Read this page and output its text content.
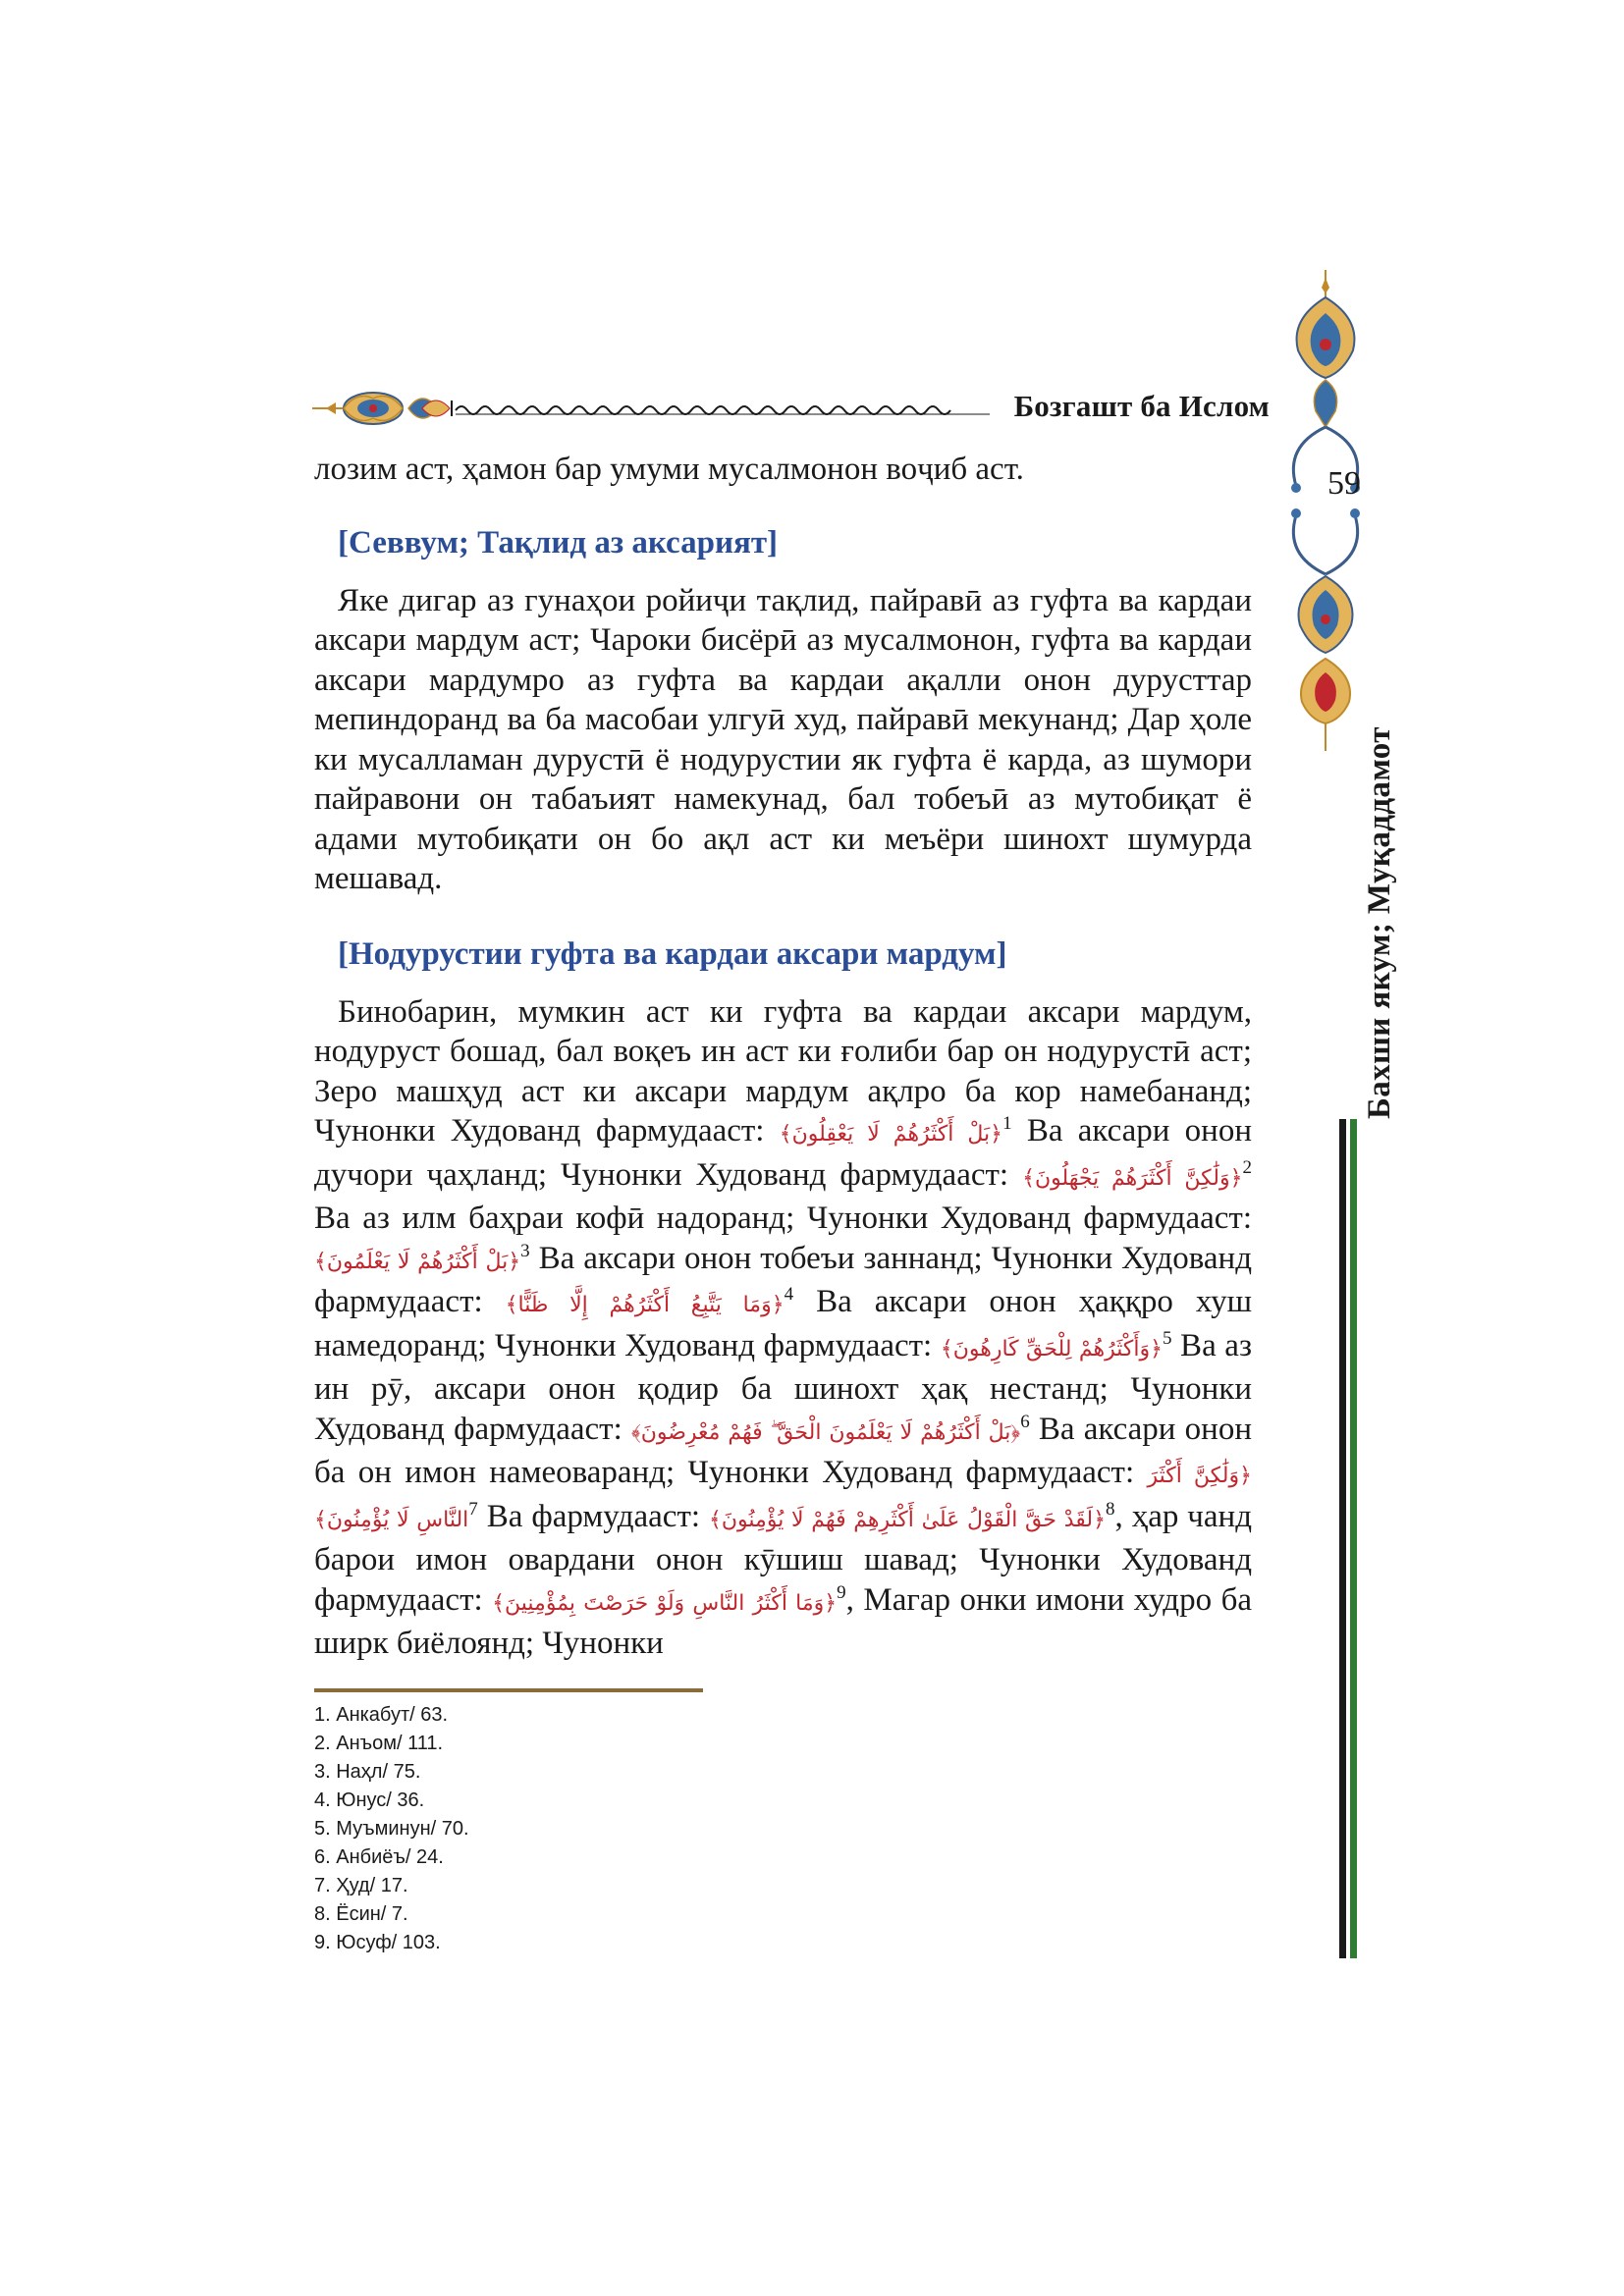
Бозгашт ба Ислом
59
Бахши якум; Муқаддамот

лозим аст, ҳамон бар умуми мусалмонон воҷиб аст.

[Севвум; Тақлид аз аксарият]

Яке дигар аз гунаҳои ройиҷи тақлид, пайравӣ аз гуфта ва кардаи аксари мардум аст; Чароки бисёрӣ аз мусалмонон, гуфта ва кардаи аксари мардумро аз гуфта ва кардаи ақалли онон дурусттар мепиндоранд ва ба масобаи улгуӣ худ, пайравӣ мекунанд; Дар ҳоле ки мусалламан дурустӣ ё нодурустии як гуфта ё карда, аз шумори пайравони он табаъият намекунад, бал тобеъӣ аз мутобиқат ё адами мутобиқати он бо ақл аст ки меъёри шинохт шумурда мешавад.

[Нодурустии гуфта ва кардаи аксари мардум]

Бинобарин, мумкин аст ки гуфта ва кардаи аксари мардум, нодуруст бошад, бал воқеъ ин аст ки ғолиби бар он нодурустӣ аст; Зеро машҳуд аст ки аксари мардум ақлро ба кор намебананд; Чунонки Худованд фармудааст: ﴿بَلْ أَكْثَرُهُمْ لَا يَعْقِلُونَ﴾$^1$ Ва аксари онон дучори ҷаҳланд; Чунонки Худованд фармудааст: ﴿وَلَٰكِنَّ أَكْثَرَهُمْ يَجْهَلُونَ﴾$^2$ Ва аз илм баҳраи кофӣ надоранд; Чунонки Худованд фармудааст: ﴿بَلْ أَكْثَرُهُمْ لَا يَعْلَمُونَ﴾$^3$ Ва аксари онон тобеъи заннанд; Чунонки Худованд фармудааст: ﴿وَمَا يَتَّبِعُ أَكْثَرُهُمْ إِلَّا ظَنًّا﴾$^4$ Ва аксари онон ҳаққро хуш намедоранд; Чунонки Худованд фармудааст: ﴿وَأَكْثَرُهُمْ لِلْحَقِّ كَارِهُونَ﴾$^5$ Ва аз ин рӯ, аксари онон қодир ба шинохт ҳақ нестанд; Чунонки Худованд фармудааст: ﴿بَلْ أَكْثَرُهُمْ لَا يَعْلَمُونَ الْحَقَّ ۖ فَهُمْ مُعْرِضُونَ﴾$^6$ Ва аксари онон ба он имон намеоваранд; Чунонки Худованд фармудааст: ﴿وَلَٰكِنَّ أَكْثَرَ النَّاسِ لَا يُؤْمِنُونَ﴾$^7$ Ва фармудааст: ﴿لَقَدْ حَقَّ الْقَوْلُ عَلَىٰ أَكْثَرِهِمْ فَهُمْ لَا يُؤْمِنُونَ﴾$^8$, ҳар чанд барои имон овардани онон кӯшиш шавад; Чунонки Худованд фармудааст: ﴿وَمَا أَكْثَرُ النَّاسِ وَلَوْ حَرَصْتَ بِمُؤْمِنِينَ﴾$^9$, Магар онки имони худро ба ширк биёлоянд; Чунонки

1. Анкабут/ 63.
2. Анъом/ 111.
3. Наҳл/ 75.
4. Юнус/ 36.
5. Муъминун/ 70.
6. Анбиёъ/ 24.
7. Ҳуд/ 17.
8. Ёсин/ 7.
9. Юсуф/ 103.
